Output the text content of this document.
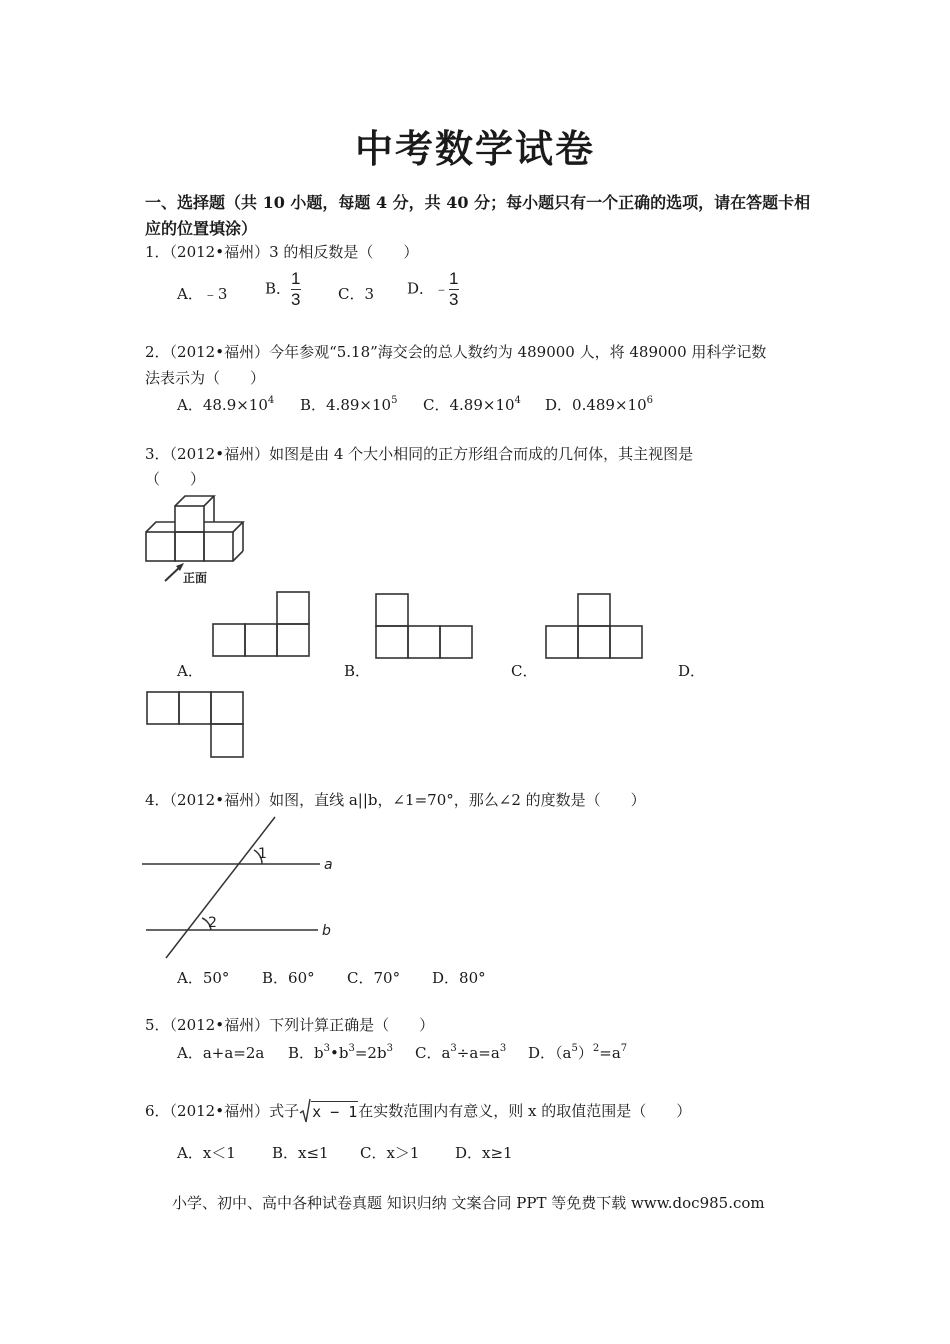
中考数学试卷
一、选择题（共 10 小题，每题 4 分，共 40 分；每小题只有一个正确的选项，请在答题卡相应的位置填涂）
1．（2012•福州）3 的相反数是（　　）
A．﹣3	B．$\frac{1}{3}$	C．3 D．$﹣\frac{1}{3}$
2．（2012•福州）今年参观“5.18”海交会的总人数约为 489000 人，将 489000 用科学记数
法表示为（　　）
A．$48.9\times 10^4$ B．$4.89\times 10^5$ C．$4.89\times 10^4$ D．$0.489\times 10^6$
3．（2012•福州）如图是由 4 个大小相同的正方形组合而成的几何体，其主视图是
（　　）
正面
A．	B．	C．	D．
4．（2012•福州）如图，直线 a||b，∠1=70°，那么∠2 的度数是（　　）
1
2
a
b
A．50° B．60° C．70° D．80°
5．（2012•福州）下列计算正确是（　　）
A．a+a=2a B．$b^3•b^3=2b^3$ C．$a^3\div a=a^3$ D．$(a^5)^2=a^7$
6．（2012•福州）式子 x − 1 在实数范围内有意义，则 x 的取值范围是（　　）
A．x＜1 B．x≤1 C．x＞1 D．x≥1
小学、初中、高中各种试卷真题 知识归纳 文案合同 PPT 等免费下载 www.doc985.com
